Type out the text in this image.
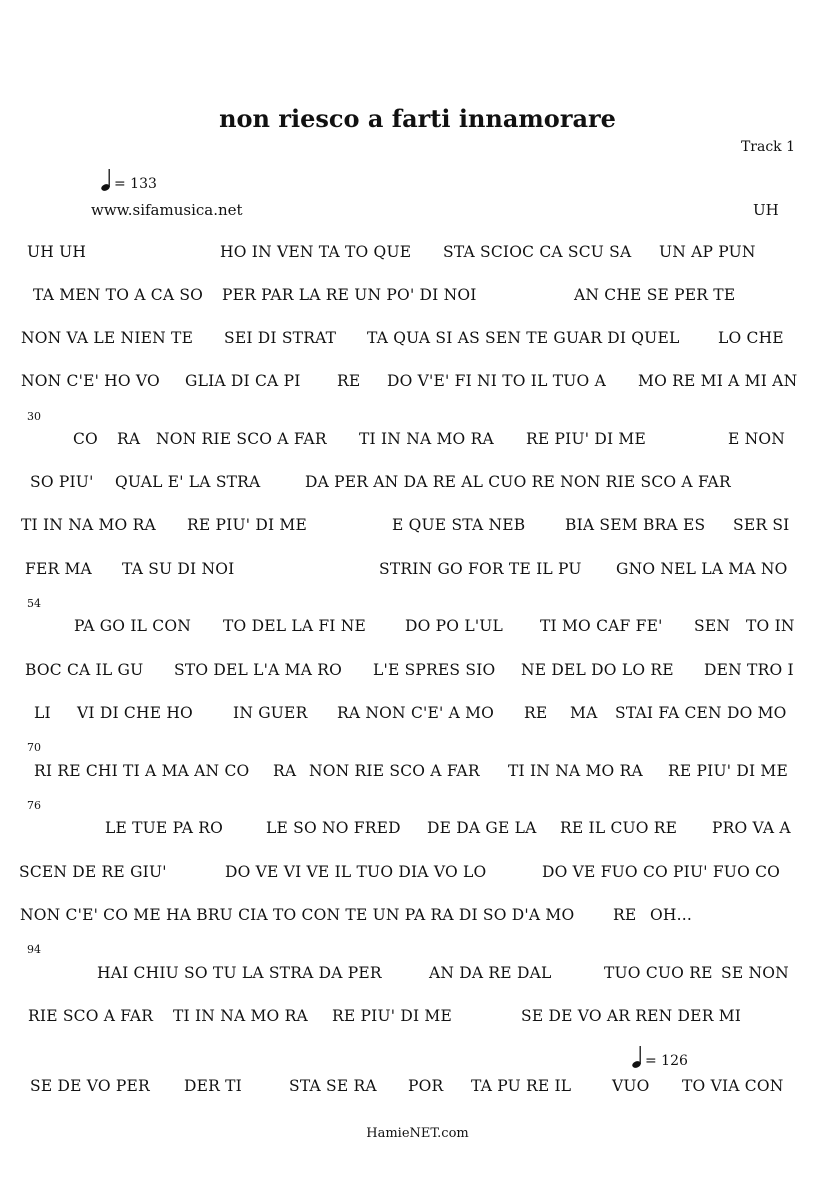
non riesco a farti innamorare
Track 1
= 133
www.sifamusica.net	UH
30
54
70
76
94
UH UH	HO IN VEN TA TO QUE STA SCIOC CA SCU SA UN AP PUN
TA MEN TO A CA SO PER PAR LA RE UN PO' DI NOI	AN CHE SE PER TE
NON VA LE NIEN TE SEI DI STRAT TA QUA SI AS SEN TE GUAR DI QUEL LO CHE
NON C'E' HO VO GLIA DI CA PI RE DO V'E' FI NI TO IL TUO A MO RE MI A MI AN
CO RA NON RIE SCO A FAR TI IN NA MO RA RE PIU' DI ME	E NON
SO PIU' QUAL E' LA STRA	DA PER AN DA RE AL CUO RE NON RIE SCO A FAR
TI IN NA MO RA RE PIU' DI ME	E QUE STA NEB	BIA SEM BRA ES SER SI
FER MA TA SU DI NOI	STRIN GO FOR TE IL PU GNO NEL LA MA NO
PA GO IL CON TO DEL LA FI NE	DO PO L'UL TI MO CAF FE' SEN TO IN
BOC CA IL GU STO DEL L'A MA RO L'E SPRES SIO NE DEL DO LO RE DEN TRO I
LI VI DI CHE HO	IN GUER RA NON C'E' A MO RE MA STAI FA CEN DO MO
RI RE CHI TI A MA AN CO RA NON RIE SCO A FAR TI IN NA MO RA RE PIU' DI ME
LE TUE PA RO	LE SO NO FRED DE DA GE LA RE IL CUO RE PRO VA A
SCEN DE RE GIU'	DO VE VI VE IL TUO DIA VO LO	DO VE FUO CO PIU' FUO CO
NON C'E' CO ME HA BRU CIA TO CON TE UN PA RA DI SO D'A MO RE OH...
HAI CHIU SO TU LA STRA DA PER	AN DA RE DAL	TUO CUO RE SE NON
RIE SCO A FAR TI IN NA MO RA RE PIU' DI ME	SE DE VO AR REN DER MI
= 126
SE DE VO PER DER TI	STA SE RA POR TA PU RE IL	VUO TO VIA CON
HamieNET.com
